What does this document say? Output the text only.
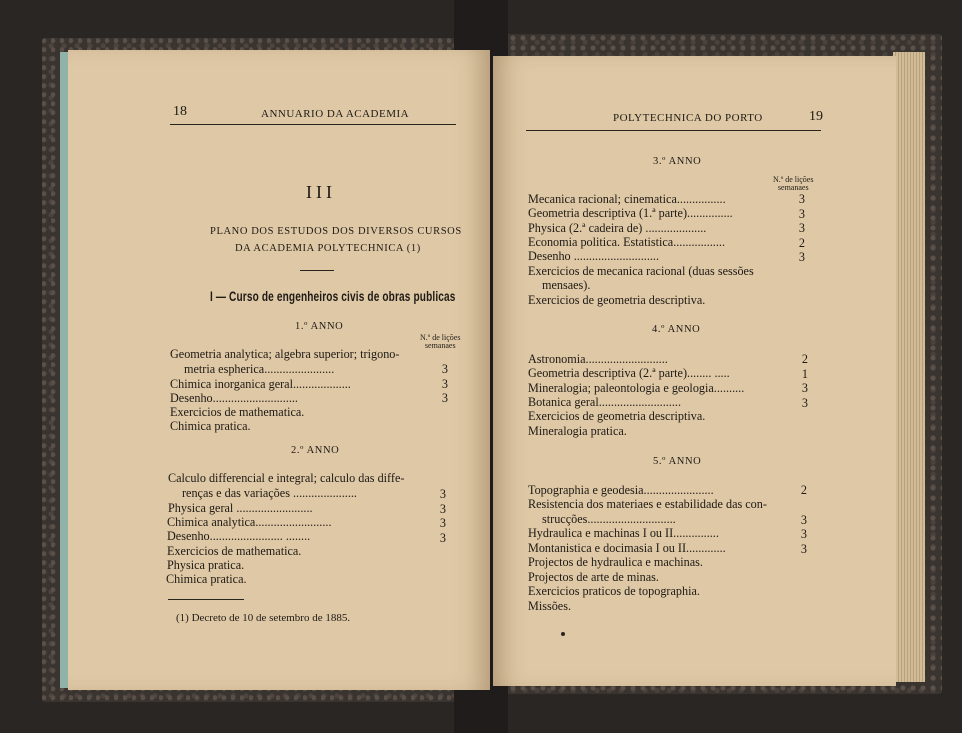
18	ANNUARIO DA ACADEMIA
III
PLANO DOS ESTUDOS DOS DIVERSOS CURSOS
DA ACADEMIA POLYTECHNICA (1)
I — Curso de engenheiros civis de obras publicas
1.º ANNO
N.º de lições
semanaes
Geometria analytica; algebra superior; trigono-
metria espherica.......................	3
Chimica inorganica geral...................	3
Desenho............................	3
Exercicios de mathematica.
Chimica pratica.
2.º ANNO
Calculo differencial e integral; calculo das diffe-
renças e das variações .....................	3
Physica geral .........................	3
Chimica analytica.........................	3
Desenho........................ ........	3
Exercicios de mathematica.
Physica pratica.
Chimica pratica.
(1) Decreto de 10 de setembro de 1885.
POLYTECHNICA DO PORTO	19
3.º ANNO
N.º de lições
semanaes
Mecanica racional; cinematica................	3
Geometria descriptiva (1.ª parte)...............	3
Physica (2.ª cadeira de) ....................	3
Economia politica. Estatistica.................	2
Desenho ............................	3
Exercicios de mecanica racional (duas sessões
mensaes).
Exercicios de geometria descriptiva.
4.º ANNO
Astronomia...........................	2
Geometria descriptiva (2.ª parte)........ .....	1
Mineralogia; paleontologia e geologia..........	3
Botanica geral...........................	3
Exercicios de geometria descriptiva.
Mineralogia pratica.
5.º ANNO
Topographia e geodesia.......................	2
Resistencia dos materiaes e estabilidade das con-
strucções.............................	3
Hydraulica e machinas I ou II...............	3
Montanistica e docimasia I ou II.............	3
Projectos de hydraulica e machinas.
Projectos de arte de minas.
Exercicios praticos de topographia.
Missões.
